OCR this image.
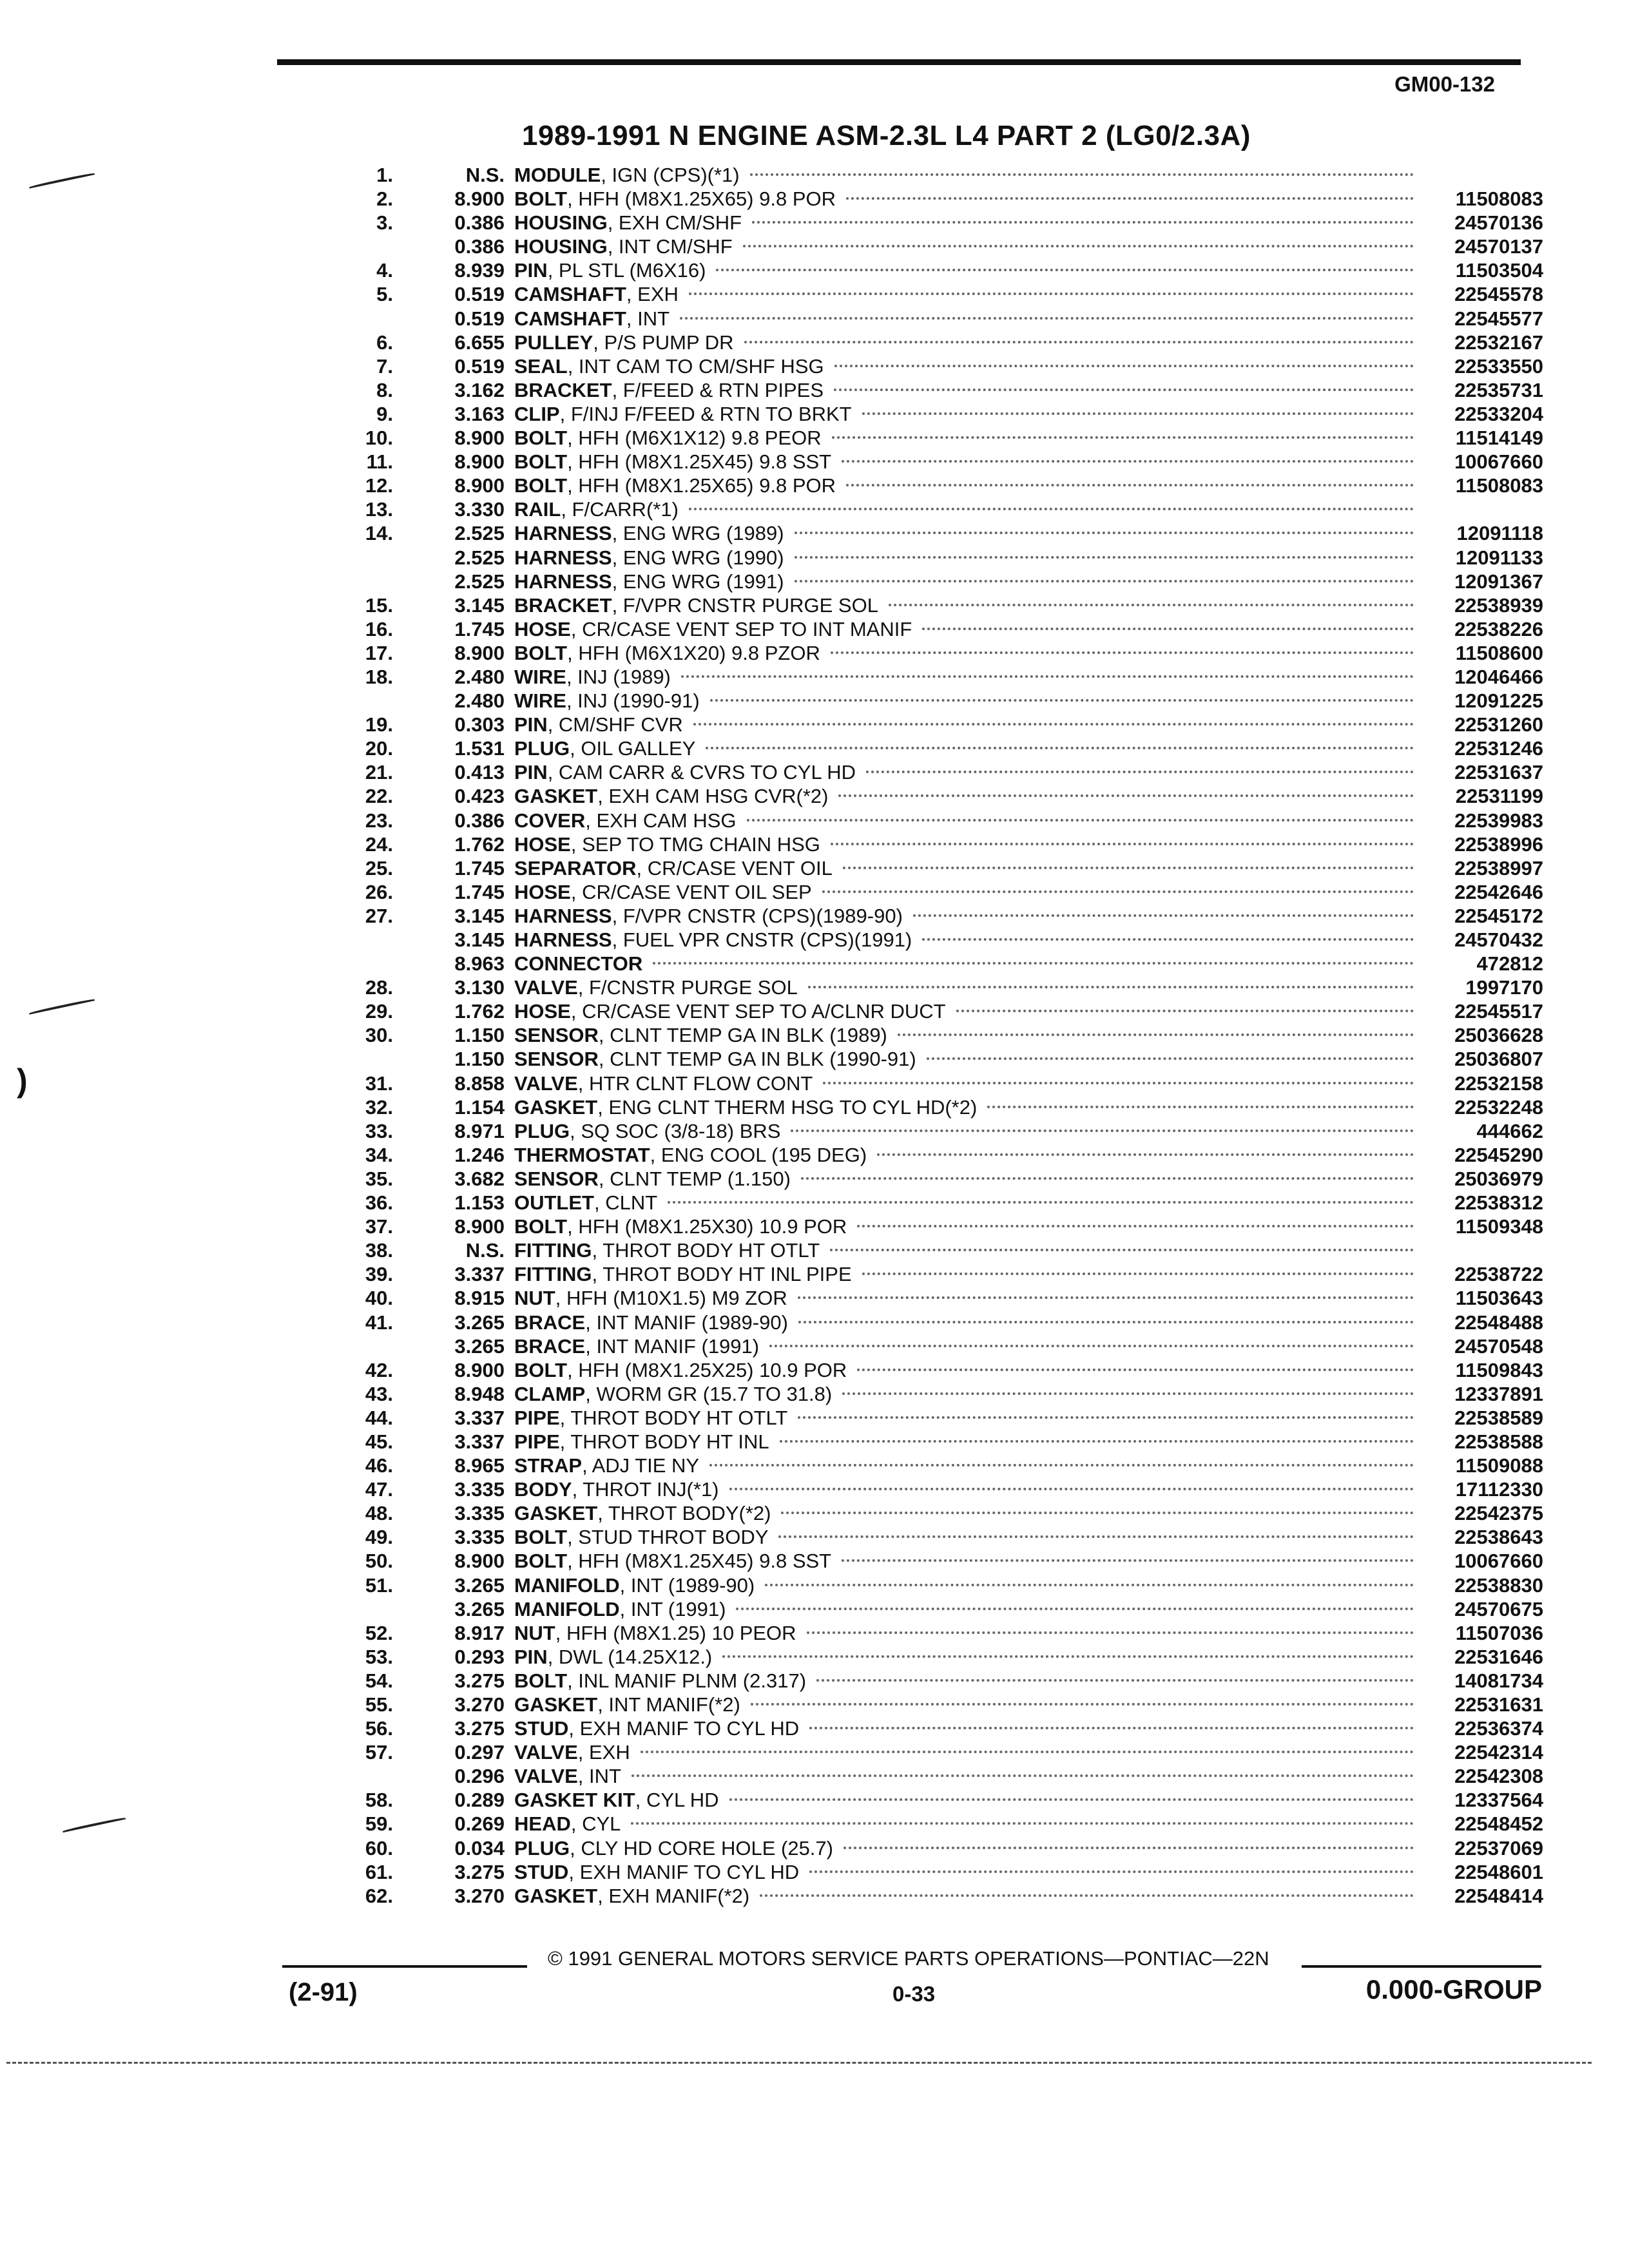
GM00-132
1989-1991 N ENGINE ASM-2.3L L4 PART 2 (LG0/2.3A)
1.	N.S. MODULE , IGN (CPS)(*1)
2.	8.900 BOLT , HFH (M8X1.25X65) 9.8 POR	11508083
3.	0.386 HOUSING , EXH CM/SHF	24570136
0.386 HOUSING , INT CM/SHF	24570137
4.	8.939 PIN , PL STL (M6X16)	11503504
5.	0.519 CAMSHAFT , EXH	22545578
0.519 CAMSHAFT , INT	22545577
6.	6.655 PULLEY , P/S PUMP DR	22532167
7.	0.519 SEAL , INT CAM TO CM/SHF HSG	22533550
8.	3.162 BRACKET , F/FEED & RTN PIPES	22535731
9.	3.163 CLIP , F/INJ F/FEED & RTN TO BRKT	22533204
10.	8.900 BOLT , HFH (M6X1X12) 9.8 PEOR	11514149
11.	8.900 BOLT , HFH (M8X1.25X45) 9.8 SST	10067660
12.	8.900 BOLT , HFH (M8X1.25X65) 9.8 POR	11508083
13.	3.330 RAIL , F/CARR(*1)
14.	2.525 HARNESS , ENG WRG (1989)	12091118
2.525 HARNESS , ENG WRG (1990)	12091133
2.525 HARNESS , ENG WRG (1991)	12091367
15.	3.145 BRACKET , F/VPR CNSTR PURGE SOL	22538939
16.	1.745 HOSE , CR/CASE VENT SEP TO INT MANIF	22538226
17.	8.900 BOLT , HFH (M6X1X20) 9.8 PZOR	11508600
18.	2.480 WIRE , INJ (1989)	12046466
2.480 WIRE , INJ (1990-91)	12091225
19.	0.303 PIN , CM/SHF CVR	22531260
20.	1.531 PLUG , OIL GALLEY	22531246
21.	0.413 PIN , CAM CARR & CVRS TO CYL HD	22531637
22.	0.423 GASKET , EXH CAM HSG CVR(*2)	22531199
23.	0.386 COVER , EXH CAM HSG	22539983
24.	1.762 HOSE , SEP TO TMG CHAIN HSG	22538996
25.	1.745 SEPARATOR , CR/CASE VENT OIL	22538997
26.	1.745 HOSE , CR/CASE VENT OIL SEP	22542646
27.	3.145 HARNESS , F/VPR CNSTR (CPS)(1989-90)	22545172
3.145 HARNESS , FUEL VPR CNSTR (CPS)(1991)	24570432
8.963 CONNECTOR	472812
28.	3.130 VALVE , F/CNSTR PURGE SOL	1997170
29.	1.762 HOSE , CR/CASE VENT SEP TO A/CLNR DUCT	22545517
30.	1.150 SENSOR , CLNT TEMP GA IN BLK (1989)	25036628
1.150 SENSOR , CLNT TEMP GA IN BLK (1990-91)	25036807
31.	8.858 VALVE , HTR CLNT FLOW CONT	22532158
32.	1.154 GASKET , ENG CLNT THERM HSG TO CYL HD(*2)	22532248
33.	8.971 PLUG , SQ SOC (3/8-18) BRS	444662
34.	1.246 THERMOSTAT , ENG COOL (195 DEG)	22545290
35.	3.682 SENSOR , CLNT TEMP (1.150)	25036979
36.	1.153 OUTLET , CLNT	22538312
37.	8.900 BOLT , HFH (M8X1.25X30) 10.9 POR	11509348
38.	N.S. FITTING , THROT BODY HT OTLT
39.	3.337 FITTING , THROT BODY HT INL PIPE	22538722
40.	8.915 NUT , HFH (M10X1.5) M9 ZOR	11503643
41.	3.265 BRACE , INT MANIF (1989-90)	22548488
3.265 BRACE , INT MANIF (1991)	24570548
42.	8.900 BOLT , HFH (M8X1.25X25) 10.9 POR	11509843
43.	8.948 CLAMP , WORM GR (15.7 TO 31.8)	12337891
44.	3.337 PIPE , THROT BODY HT OTLT	22538589
45.	3.337 PIPE , THROT BODY HT INL	22538588
46.	8.965 STRAP , ADJ TIE NY	11509088
47.	3.335 BODY , THROT INJ(*1)	17112330
48.	3.335 GASKET , THROT BODY(*2)	22542375
49.	3.335 BOLT , STUD THROT BODY	22538643
50.	8.900 BOLT , HFH (M8X1.25X45) 9.8 SST	10067660
51.	3.265 MANIFOLD , INT (1989-90)	22538830
3.265 MANIFOLD , INT (1991)	24570675
52.	8.917 NUT , HFH (M8X1.25) 10 PEOR	11507036
53.	0.293 PIN , DWL (14.25X12.)	22531646
54.	3.275 BOLT , INL MANIF PLNM (2.317)	14081734
55.	3.270 GASKET , INT MANIF(*2)	22531631
56.	3.275 STUD , EXH MANIF TO CYL HD	22536374
57.	0.297 VALVE , EXH	22542314
0.296 VALVE , INT	22542308
58.	0.289 GASKET KIT , CYL HD	12337564
59.	0.269 HEAD , CYL	22548452
60.	0.034 PLUG , CLY HD CORE HOLE (25.7)	22537069
61.	3.275 STUD , EXH MANIF TO CYL HD	22548601
62.	3.270 GASKET , EXH MANIF(*2)	22548414
)
© 1991 GENERAL MOTORS SERVICE PARTS OPERATIONS—PONTIAC—22N
(2-91)	0-33	0.000-GROUP
